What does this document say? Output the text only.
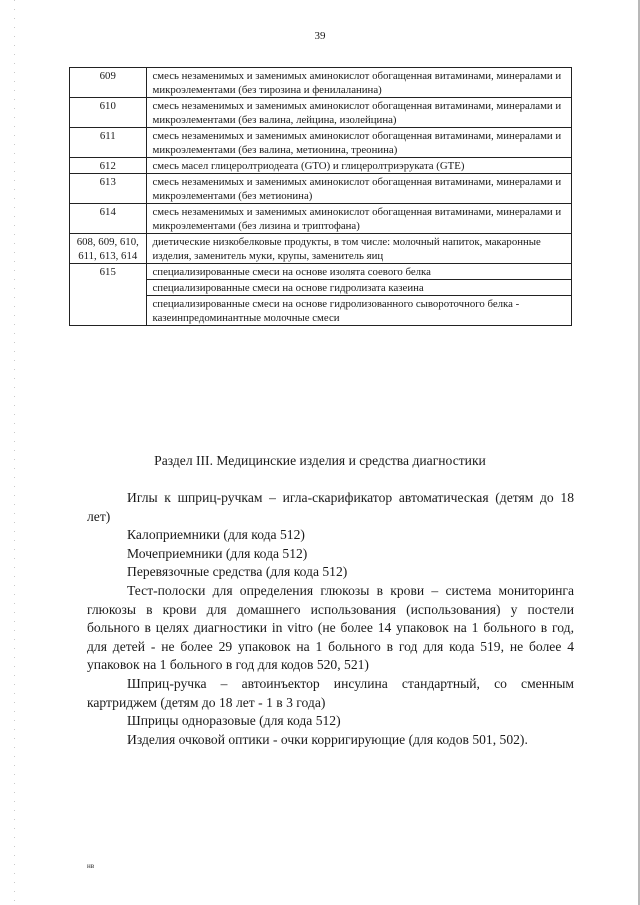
39
609	смесь незаменимых и заменимых аминокислот обогащенная витаминами, минералами и микроэлементами (без тирозина и фенилаланина)
610	смесь незаменимых и заменимых аминокислот обогащенная витаминами, минералами и микроэлементами (без валина, лейцина, изолейцина)
611	смесь незаменимых и заменимых аминокислот обогащенная витаминами, минералами и микроэлементами (без валина, метионина, треонина)
612	смесь масел глицеролтриодеата (GTO) и глицеролтриэруката (GTE)
613	смесь незаменимых и заменимых аминокислот обогащенная витаминами, минералами и микроэлементами (без метионина)
614	смесь незаменимых и заменимых аминокислот обогащенная витаминами, минералами и микроэлементами (без лизина и триптофана)
608, 609, 610, 611, 613, 614	диетические низкобелковые продукты, в том числе: молочный напиток, макаронные изделия, заменитель муки, крупы, заменитель яиц
615	специализированные смеси на основе изолята соевого белка
	специализированные смеси на основе гидролизата казеина
	специализированные смеси на основе гидролизованного сывороточного белка - казеинпредоминантные молочные смеси
Раздел III. Медицинские изделия и средства диагностики

Иглы к шприц-ручкам – игла-скарификатор автоматическая (детям до 18 лет)

Калоприемники (для кода 512)

Мочеприемники (для кода 512)

Перевязочные средства (для кода 512)

Тест-полоски для определения глюкозы в крови – система мониторинга глюкозы в крови для домашнего использования (использования) у постели больного в целях диагностики in vitro (не более 14 упаковок на 1 больного в год, для детей - не более 29 упаковок на 1 больного в год для кода 519, не более 4 упаковок на 1 больного в год для кодов 520, 521)

Шприц-ручка – автоинъектор инсулина стандартный, со сменным картриджем (детям до 18 лет - 1 в 3 года)

Шприцы одноразовые (для кода 512)

Изделия очковой оптики - очки корригирующие (для кодов 501, 502).

нв
